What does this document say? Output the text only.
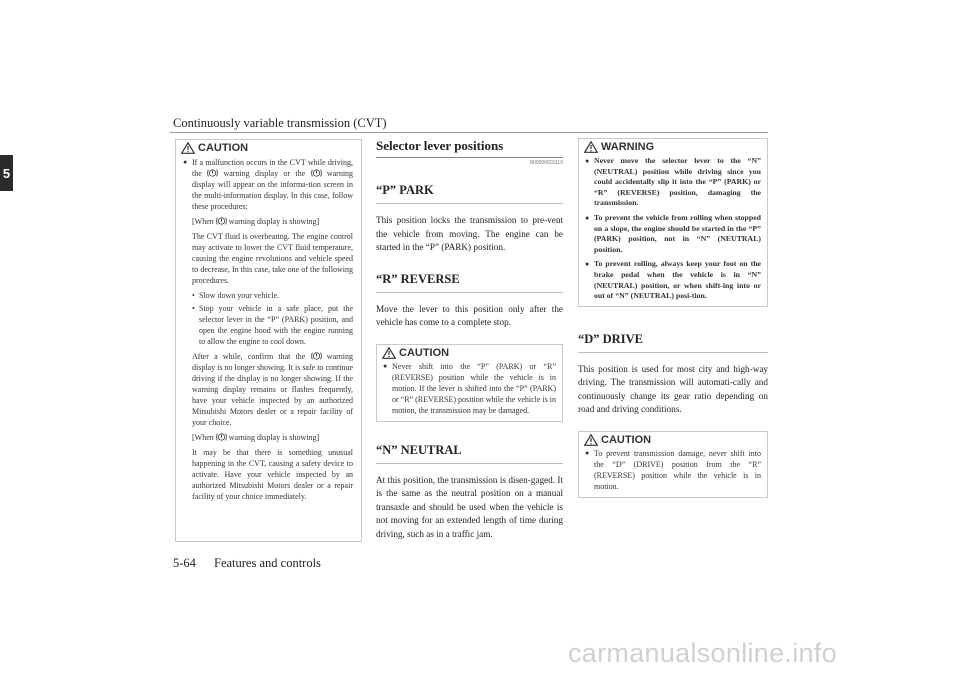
Continuously variable transmission (CVT)
5
CAUTION
● If a malfunction occurs in the CVT while driving, the	warning display or the	warning display will appear on the informa-tion screen in the multi-information display. In this case, follow these procedures:
[When warning display is showing]
The CVT fluid is overheating. The engine control may activate to lower the CVT fluid temperature, causing the engine revolutions and vehicle speed to decrease, In this case, take one of the following procedures.
• Slow down your vehicle.
• Stop your vehicle in a safe place, put the selector lever in the “P” (PARK) position, and open the engine hood with the engine running to allow the engine to cool down.
After a while, confirm that the	warning display is no longer showing. It is safe to continue driving if the display is no longer showing. If the warning display remains or flashes frequently, have your vehicle inspected by an authorized Mitsubishi Motors dealer or a repair facility of your choice.
[When warning display is showing]
It may be that there is something unusual happening in the CVT, causing a safety device to activate. Have your vehicle inspected by an authorized Mitsubishi Motors dealer or a repair facility of your choice immediately.
Selector lever positions
N00506601110
“P” PARK
This position locks the transmission to pre-vent the vehicle from moving. The engine can be started in the “P” (PARK) position.
“R” REVERSE
Move the lever to this position only after the vehicle has come to a complete stop.
CAUTION
● Never shift into the “P” (PARK) or “R” (REVERSE) position while the vehicle is in motion. If the lever is shifted into the “P” (PARK) or “R” (REVERSE) position while the vehicle is in motion, the transmission may be damaged.
“N” NEUTRAL
At this position, the transmission is disen-gaged. It is the same as the neutral position on a manual transaxle and should be used when the vehicle is not moving for an extended length of time during driving, such as in a traffic jam.
WARNING
● Never move the selector lever to the “N” (NEUTRAL) position while driving since you could accidentally slip it into the “P” (PARK) or “R” (REVERSE) position, damaging the transmission.
● To prevent the vehicle from rolling when stopped on a slope, the engine should be started in the “P” (PARK) position, not in “N” (NEUTRAL) position.
● To prevent rolling, always keep your foot on the brake pedal when the vehicle is in “N” (NEUTRAL) position, or when shift-ing into or out of “N” (NEUTRAL) posi-tion.
“D” DRIVE
This position is used for most city and high-way driving. The transmission will automati-cally and continuously change its gear ratio depending on road and driving conditions.
CAUTION
● To prevent transmission damage, never shift into the “D” (DRIVE) position from the “R” (REVERSE) position while the vehicle is in motion.
5-64 Features and controls
carmanualsonline.info
